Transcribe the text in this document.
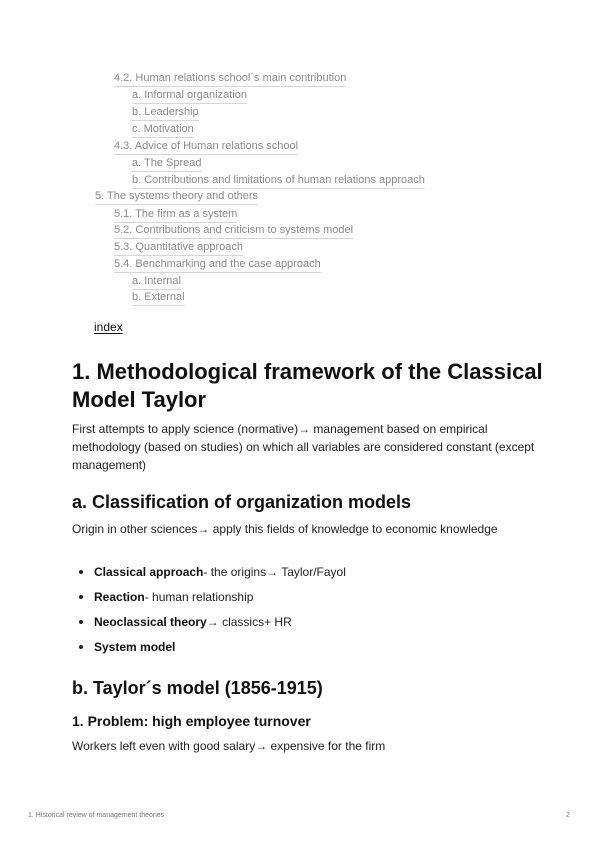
4.2. Human relations school´s main contribution
a. Informal organization
b. Leadership
c. Motivation
4.3. Advice of Human relations school
a. The Spread
b. Contributions and limitations of human relations approach
5. The systems theory and others
5.1. The firm as a system
5.2. Contributions and criticism to systems model
5.3. Quantitative approach
5.4. Benchmarking and the case approach
a. Internal
b. External
index
1. Methodological framework of the Classical Model Taylor

First attempts to apply science (normative)→ management based on empirical methodology (based on studies) on which all variables are considered constant (except management)

a. Classification of organization models

Origin in other sciences→ apply this fields of knowledge to economic knowledge

Classical approach- the origins→ Taylor/Fayol
Reaction- human relationship
Neoclassical theory→ classics+ HR
System model
b. Taylor´s model (1856-1915)
1. Problem: high employee turnover

Workers left even with good salary→ expensive for the firm

1. Historical review of management theories	2
